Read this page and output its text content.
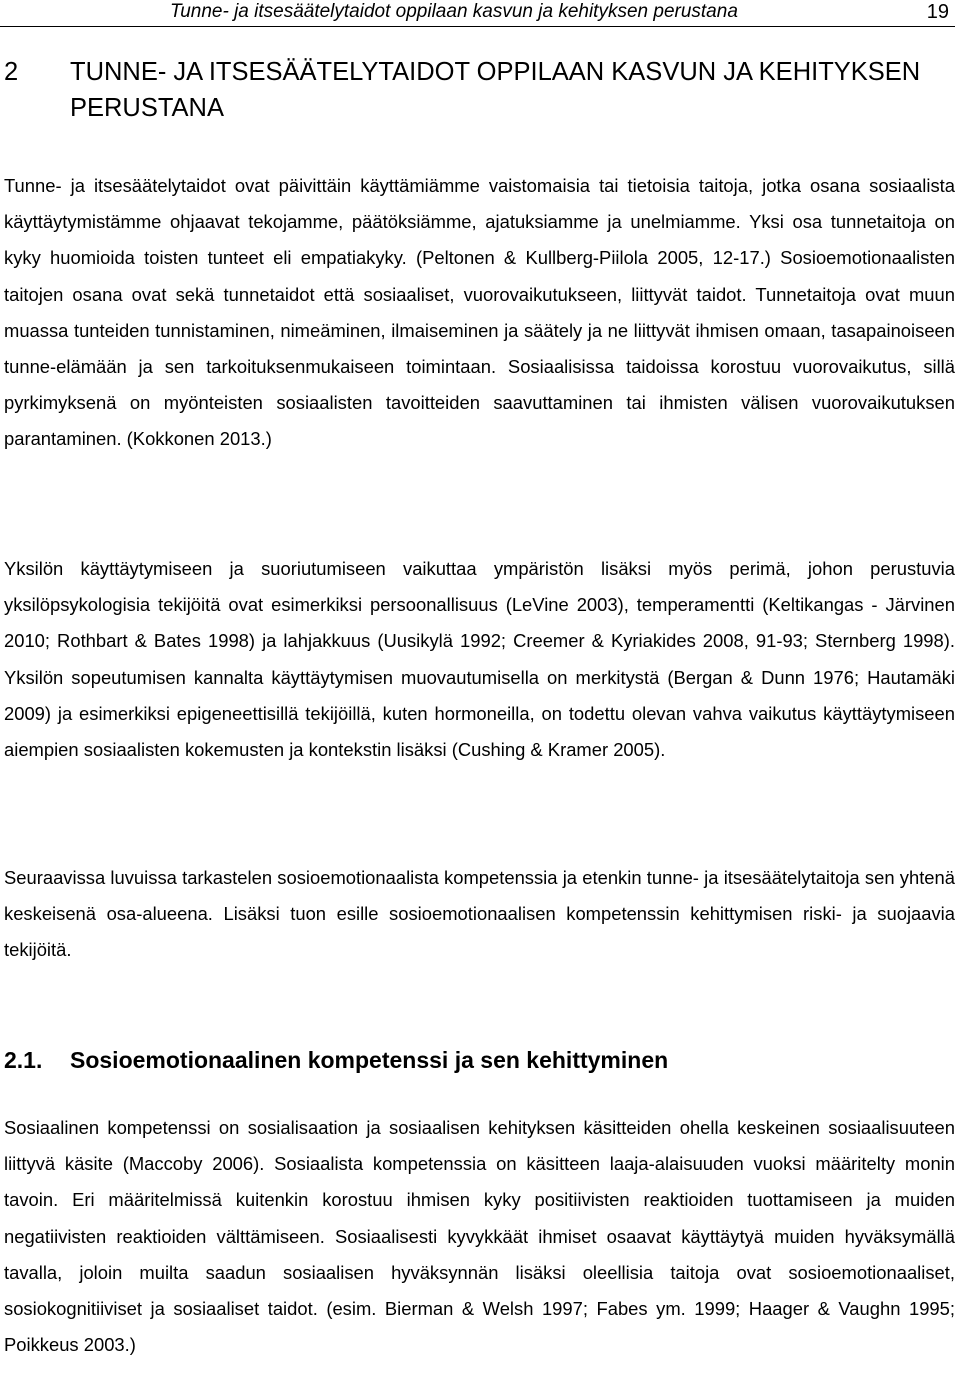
Tunne- ja itsesäätelytaidot oppilaan kasvun ja kehityksen perustana	19
2	TUNNE- JA ITSESÄÄTELYTAIDOT OPPILAAN KASVUN JA KEHITYKSEN PERUSTANA

Tunne- ja itsesäätelytaidot ovat päivittäin käyttämiämme vaistomaisia tai tietoisia taitoja, jotka osana sosiaalista käyttäytymistämme ohjaavat tekojamme, päätöksiämme, ajatuksiamme ja unelmiamme. Yksi osa tunnetaitoja on kyky huomioida toisten tunteet eli empatiakyky. (Peltonen & Kullberg-Piilola 2005, 12-17.) Sosioemotionaalisten taitojen osana ovat sekä tunnetaidot että sosiaaliset, vuorovaikutukseen, liittyvät taidot. Tunnetaitoja ovat muun muassa tunteiden tunnistaminen, nimeäminen, ilmaiseminen ja säätely ja ne liittyvät ihmisen omaan, tasapainoiseen tunne-elämään ja sen tarkoituksenmukaiseen toimintaan. Sosiaalisissa taidoissa korostuu vuorovaikutus, sillä pyrkimyksenä on myönteisten sosiaalisten tavoitteiden saavuttaminen tai ihmisten välisen vuorovaikutuksen parantaminen. (Kokkonen 2013.)

Yksilön käyttäytymiseen ja suoriutumiseen vaikuttaa ympäristön lisäksi myös perimä, johon perustuvia yksilöpsykologisia tekijöitä ovat esimerkiksi persoonallisuus (LeVine 2003), temperamentti (Keltikangas - Järvinen 2010; Rothbart & Bates 1998) ja lahjakkuus (Uusikylä 1992; Creemer & Kyriakides 2008, 91-93; Sternberg 1998). Yksilön sopeutumisen kannalta käyttäytymisen muovautumisella on merkitystä (Bergan & Dunn 1976; Hautamäki 2009) ja esimerkiksi epigeneettisillä tekijöillä, kuten hormoneilla, on todettu olevan vahva vaikutus käyttäytymiseen aiempien sosiaalisten kokemusten ja kontekstin lisäksi (Cushing & Kramer 2005).

Seuraavissa luvuissa tarkastelen sosioemotionaalista kompetenssia ja etenkin tunne- ja itsesäätelytaitoja sen yhtenä keskeisenä osa-alueena. Lisäksi tuon esille sosioemotionaalisen kompetenssin kehittymisen riski- ja suojaavia tekijöitä.

2.1.	Sosioemotionaalinen kompetenssi ja sen kehittyminen

Sosiaalinen kompetenssi on sosialisaation ja sosiaalisen kehityksen käsitteiden ohella keskeinen sosiaalisuuteen liittyvä käsite (Maccoby 2006). Sosiaalista kompetenssia on käsitteen laaja-alaisuuden vuoksi määritelty monin tavoin. Eri määritelmissä kuitenkin korostuu ihmisen kyky positiivisten reaktioiden tuottamiseen ja muiden negatiivisten reaktioiden välttämiseen. Sosiaalisesti kyvykkäät ihmiset osaavat käyttäytyä muiden hyväksymällä tavalla, joloin muilta saadun sosiaalisen hyväksynnän lisäksi oleellisia taitoja ovat sosioemotionaaliset, sosiokognitiiviset ja sosiaaliset taidot. (esim. Bierman & Welsh 1997; Fabes ym. 1999; Haager & Vaughn 1995; Poikkeus 2003.)
